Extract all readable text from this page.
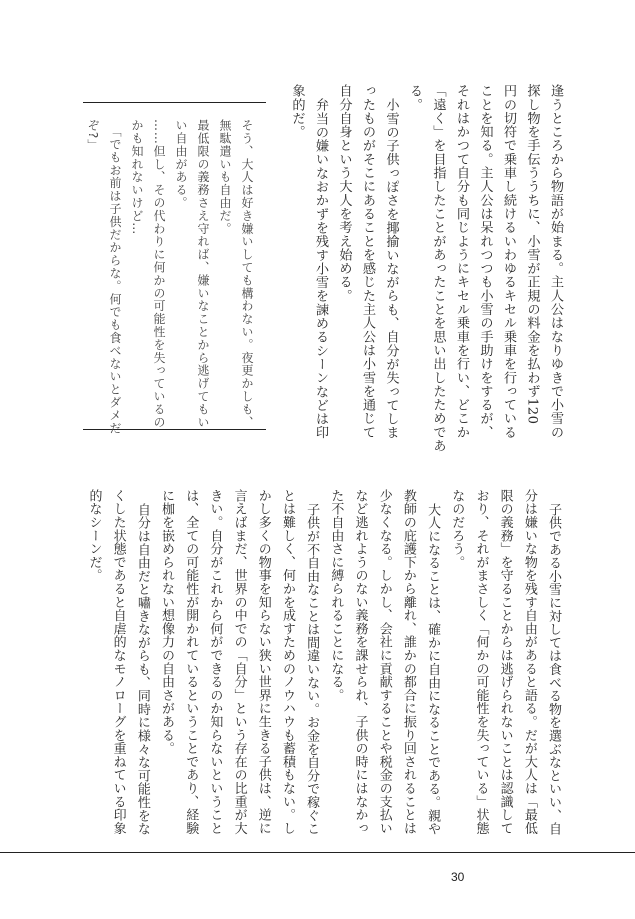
逢うところから物語が始まる。主人公はなりゆきで小雪の
探し物を手伝ううちに、小雪が正規の料金を払わず120
円の切符で乗車し続けるいわゆるキセル乗車を行っている
ことを知る。主人公は呆れつつも小雪の手助けをするが、
それはかつて自分も同じようにキセル乗車を行い、どこか
「遠く」を目指したことがあったことを思い出したためであ
る。
小雪の子供っぽさを揶揄いながらも、自分が失ってしま
ったものがそこにあることを感じた主人公は小雪を通じて
自分自身という大人を考え始める。
弁当の嫌いなおかずを残す小雪を諫めるシーンなどは印
象的だ。
そう、大人は好き嫌いしても構わない。夜更かしも、
無駄遣いも自由だ。
最低限の義務さえ守れば、嫌いなことから逃げてもい
い自由がある。
……但し、その代わりに何かの可能性を失っているの
かも知れないけど…
「でもお前は子供だからな。何でも食べないとダメだ
ぞ?」
子供である小雪に対しては食べる物を選ぶなといい、自
分は嫌いな物を残す自由があると語る。だが大人は「最低
限の義務」を守ることからは逃げられないことは認識して
おり、それがまさしく「何かの可能性を失っている」状態
なのだろう。
大人になることは、確かに自由になることである。親や
教師の庇護下から離れ、誰かの都合に振り回されることは
少なくなる。しかし、会社に貢献することや税金の支払い
など逃れようのない義務を課せられ、子供の時にはなかっ
た不自由さに縛られることになる。
子供が不自由なことは間違いない。お金を自分で稼ぐこ
とは難しく、何かを成すためのノウハウも蓄積もない。し
かし多くの物事を知らない狭い世界に生きる子供は、逆に
言えばまだ、世界の中での「自分」という存在の比重が大
きい。自分がこれから何ができるのか知らないということ
は、全ての可能性が開かれているということであり、経験
に枷を嵌められない想像力の自由さがある。
自分は自由だと嘯きながらも、同時に様々な可能性をな
くした状態であると自虐的なモノローグを重ねている印象
的なシーンだ。
30
